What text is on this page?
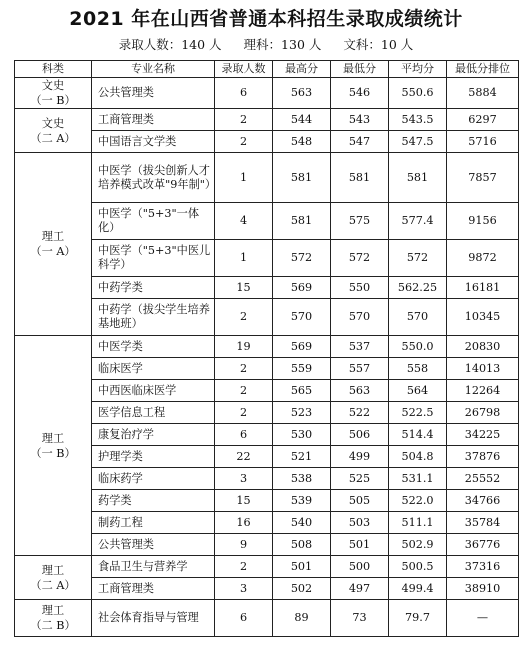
2021 年在山西省普通本科招生录取成绩统计
录取人数：140 人 理科：130 人 文科：10 人
科类	专业名称	录取人数	最高分	最低分	平均分	最低分排位

文史
（一 B）	公共管理类	6	563	546	550.6	5884

文史
（二 A）	工商管理类	2	544	543	543.5	6297
	中国语言文学类	2	548	547	547.5	5716

理工
（一 A）	中医学（拔尖创新人才培养模式改革"9年制"）	1	581	581	581	7857
	中医学（"5+3"一体化）	4	581	575	577.4	9156
	中医学（"5+3"中医儿科学）	1	572	572	572	9872
	中药学类	15	569	550	562.25	16181
	中药学（拔尖学生培养基地班）	2	570	570	570	10345

理工
（一 B）	中医学类	19	569	537	550.0	20830
	临床医学	2	559	557	558	14013
	中西医临床医学	2	565	563	564	12264
	医学信息工程	2	523	522	522.5	26798
	康复治疗学	6	530	506	514.4	34225
	护理学类	22	521	499	504.8	37876
	临床药学	3	538	525	531.1	25552
	药学类	15	539	505	522.0	34766
	制药工程	16	540	503	511.1	35784
	公共管理类	9	508	501	502.9	36776

理工
（二 A）	食品卫生与营养学	2	501	500	500.5	37316
	工商管理类	3	502	497	499.4	38910

理工
（二 B）	社会体育指导与管理	6	89	73	79.7	—
